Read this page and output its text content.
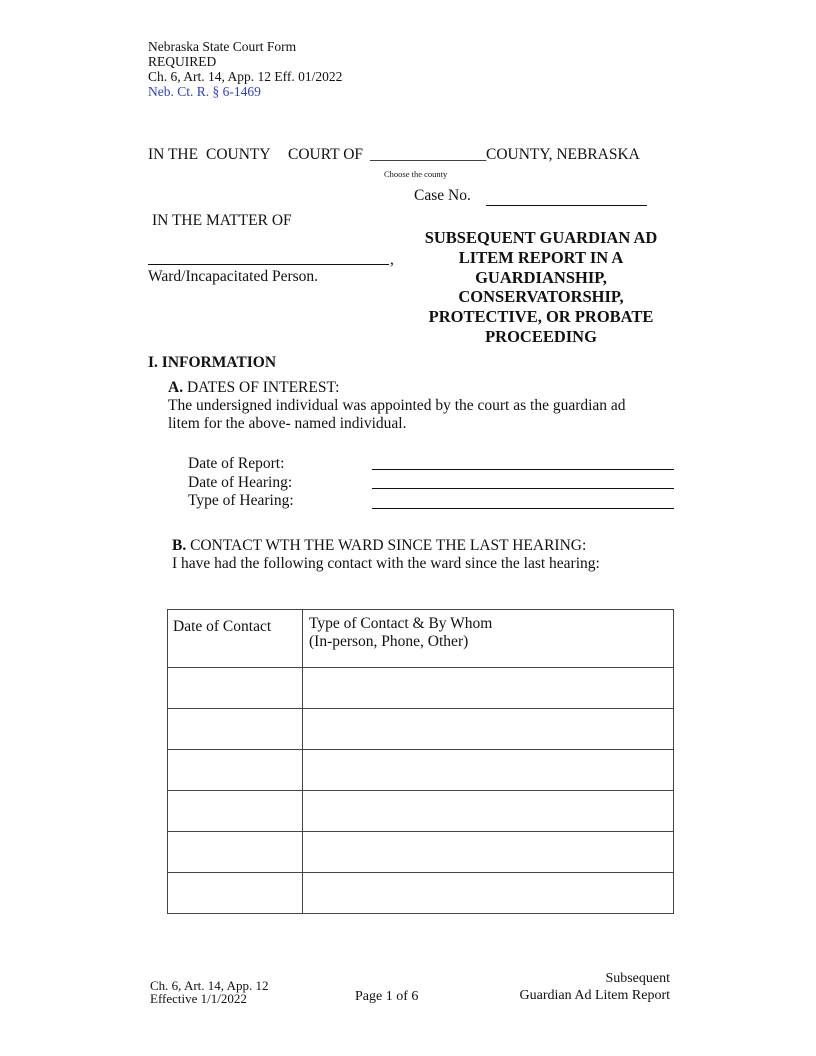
Nebraska State Court Form
REQUIRED
Ch. 6, Art. 14, App. 12 Eff. 01/2022
Neb. Ct. R. § 6-1469
IN THE COUNTY COURT OF _______________ COUNTY, NEBRASKA
Choose the county
Case No.
IN THE MATTER OF
,
Ward/Incapacitated Person.
SUBSEQUENT GUARDIAN AD LITEM REPORT IN A GUARDIANSHIP, CONSERVATORSHIP, PROTECTIVE, OR PROBATE PROCEEDING
I. INFORMATION
A. DATES OF INTEREST:
The undersigned individual was appointed by the court as the guardian ad
litem for the above- named individual.
Date of Report:
Date of Hearing:
Type of Hearing:
B. CONTACT WTH THE WARD SINCE THE LAST HEARING:
I have had the following contact with the ward since the last hearing:
Date of Contact	Type of Contact & By Whom
(In-person, Phone, Other)

Ch. 6, Art. 14, App. 12
Effective 1/1/2022	Page 1 of 6
Subsequent
Guardian Ad Litem Report
